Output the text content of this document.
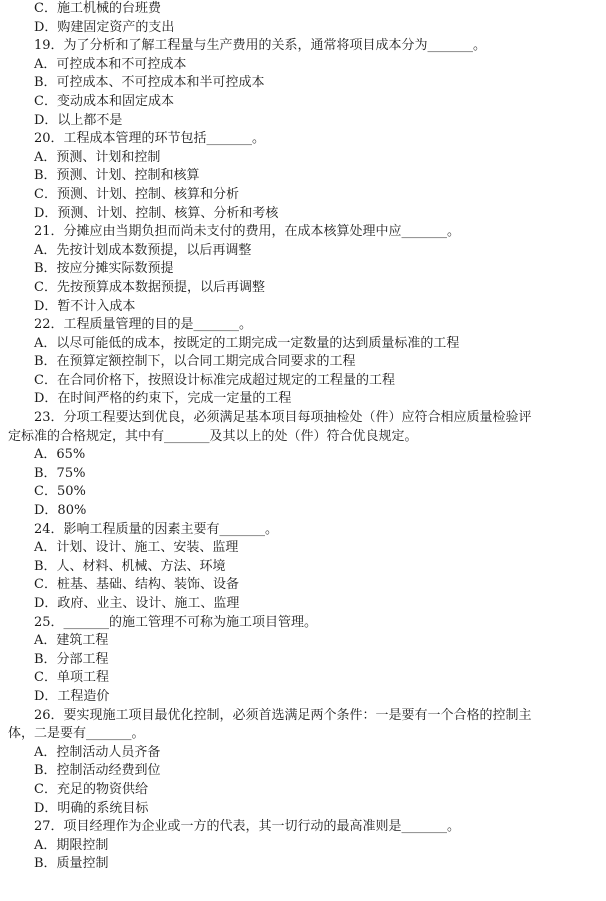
C．施工机械的台班费
D．购建固定资产的支出
19．为了分析和了解工程量与生产费用的关系，通常将项目成本分为_______。
A．可控成本和不可控成本
B．可控成本、不可控成本和半可控成本
C．变动成本和固定成本
D．以上都不是
20．工程成本管理的环节包括_______。
A．预测、计划和控制
B．预测、计划、控制和核算
C．预测、计划、控制、核算和分析
D．预测、计划、控制、核算、分析和考核
21．分摊应由当期负担而尚未支付的费用，在成本核算处理中应_______。
A．先按计划成本数预提，以后再调整
B．按应分摊实际数预提
C．先按预算成本数据预提，以后再调整
D．暂不计入成本
22．工程质量管理的目的是_______。
A．以尽可能低的成本，按既定的工期完成一定数量的达到质量标准的工程
B．在预算定额控制下，以合同工期完成合同要求的工程
C．在合同价格下，按照设计标准完成超过规定的工程量的工程
D．在时间严格的约束下，完成一定量的工程
23．分项工程要达到优良，必须满足基本项目每项抽检处（件）应符合相应质量检验评
定标准的合格规定，其中有_______及其以上的处（件）符合优良规定。
A．65%
B．75%
C．50%
D．80%
24．影响工程质量的因素主要有_______。
A．计划、设计、施工、安装、监理
B．人、材料、机械、方法、环境
C．桩基、基础、结构、装饰、设备
D．政府、业主、设计、施工、监理
25．_______的施工管理不可称为施工项目管理。
A．建筑工程
B．分部工程
C．单项工程
D．工程造价
26．要实现施工项目最优化控制，必须首选满足两个条件：一是要有一个合格的控制主
体，二是要有_______。
A．控制活动人员齐备
B．控制活动经费到位
C．充足的物资供给
D．明确的系统目标
27．项目经理作为企业或一方的代表，其一切行动的最高准则是_______。
A．期限控制
B．质量控制
